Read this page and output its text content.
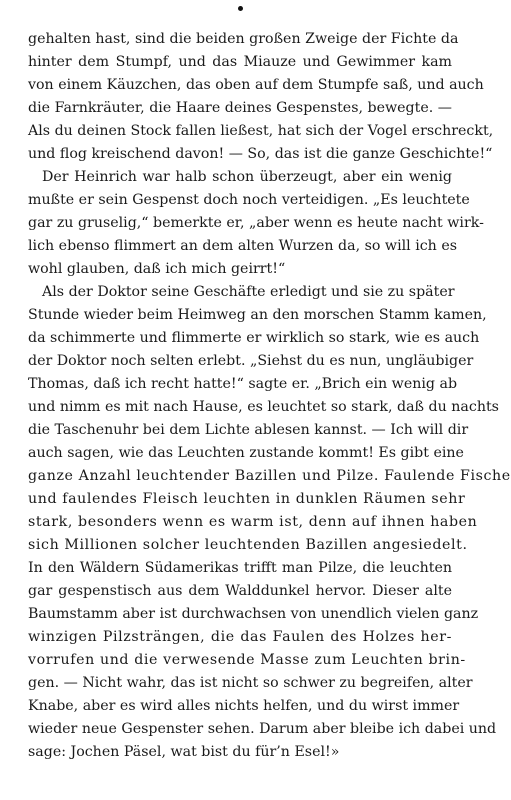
gehalten hast, sind die beiden großen Zweige der Fichte da
hinter dem Stumpf, und das Miauze und Gewimmer kam
von einem Käuzchen, das oben auf dem Stumpfe saß, und auch
die Farnkräuter, die Haare deines Gespenstes, bewegte. —
Als du deinen Stock fallen ließest, hat sich der Vogel erschreckt,
und flog kreischend davon! — So, das ist die ganze Geschichte!“
Der Heinrich war halb schon überzeugt, aber ein wenig
mußte er sein Gespenst doch noch verteidigen. „Es leuchtete
gar zu gruselig,“ bemerkte er, „aber wenn es heute nacht wirk-
lich ebenso flimmert an dem alten Wurzen da, so will ich es
wohl glauben, daß ich mich geirrt!“
Als der Doktor seine Geschäfte erledigt und sie zu später
Stunde wieder beim Heimweg an den morschen Stamm kamen,
da schimmerte und flimmerte er wirklich so stark, wie es auch
der Doktor noch selten erlebt. „Siehst du es nun, ungläubiger
Thomas, daß ich recht hatte!“ sagte er. „Brich ein wenig ab
und nimm es mit nach Hause, es leuchtet so stark, daß du nachts
die Taschenuhr bei dem Lichte ablesen kannst. — Ich will dir
auch sagen, wie das Leuchten zustande kommt! Es gibt eine
ganze Anzahl leuchtender Bazillen und Pilze. Faulende Fische
und faulendes Fleisch leuchten in dunklen Räumen sehr
stark, besonders wenn es warm ist, denn auf ihnen haben
sich Millionen solcher leuchtenden Bazillen angesiedelt.
In den Wäldern Südamerikas trifft man Pilze, die leuchten
gar gespenstisch aus dem Walddunkel hervor. Dieser alte
Baumstamm aber ist durchwachsen von unendlich vielen ganz
winzigen Pilzsträngen, die das Faulen des Holzes her-
vorrufen und die verwesende Masse zum Leuchten brin-
gen. — Nicht wahr, das ist nicht so schwer zu begreifen, alter
Knabe, aber es wird alles nichts helfen, und du wirst immer
wieder neue Gespenster sehen. Darum aber bleibe ich dabei und
sage: Jochen Päsel, wat bist du für’n Esel!»
